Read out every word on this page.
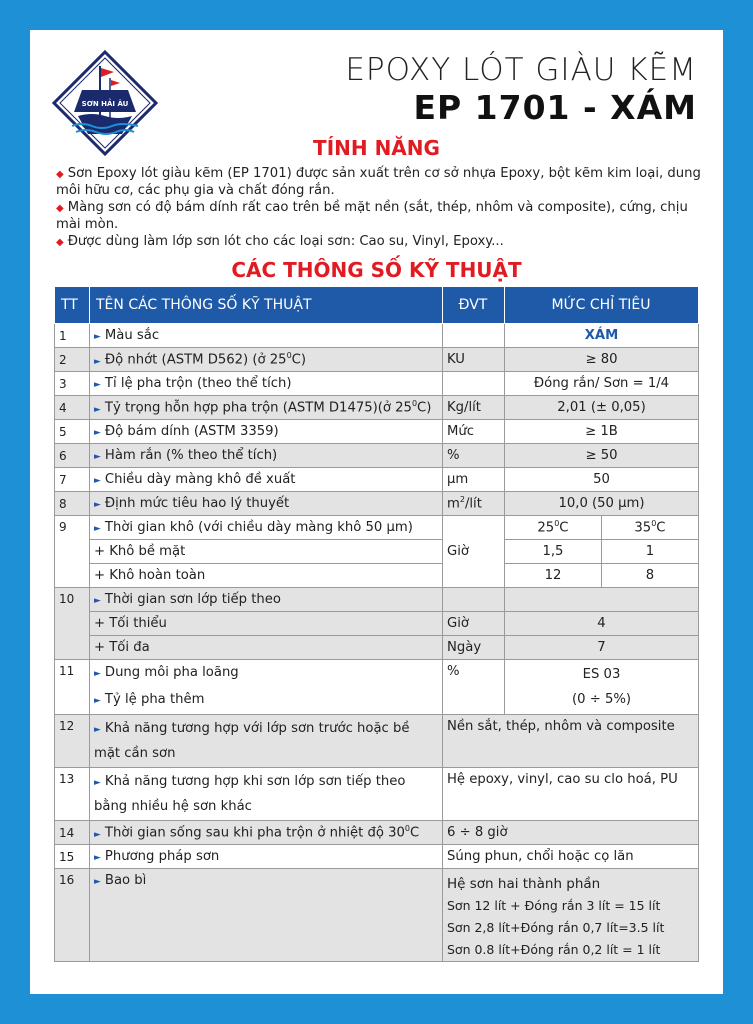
SƠN HẢI ÂU
EPOXY LÓT GIÀU KẼM
EP 1701 - XÁM
TÍNH NĂNG

◆ Sơn Epoxy lót giàu kẽm (EP 1701) được sản xuất trên cơ sở nhựa Epoxy, bột kẽm kim loại, dung môi hữu cơ, các phụ gia và chất đóng rắn.

◆ Màng sơn có độ bám dính rất cao trên bề mặt nền (sắt, thép, nhôm và composite), cứng, chịu mài mòn.

◆ Được dùng làm lớp sơn lót cho các loại sơn: Cao su, Vinyl, Epoxy...

CÁC THÔNG SỐ KỸ THUẬT
TT	TÊN CÁC THÔNG SỐ KỸ THUẬT	ĐVT	MỨC CHỈ TIÊU	
1	► Màu sắc		XÁM	
2	► Độ nhớt (ASTM D562) (ở $25^0C$)	KU	≥ 80	
3	► Tỉ lệ pha trộn (theo thể tích)		Đóng rắn/ Sơn = 1/4	
4	► Tỷ trọng hỗn hợp pha trộn (ASTM D1475)(ở $25^0C$)	Kg/lít	2,01 (± 0,05)	
5	► Độ bám dính (ASTM 3359)	Mức	≥ 1B	
6	► Hàm rắn (% theo thể tích)	%	≥ 50	
7	► Chiều dày màng khô đề xuất	µm	50	
8	► Định mức tiêu hao lý thuyết	$m^2$/lít	10,0 (50 µm)	
9	► Thời gian khô (với chiều dày màng khô 50 µm)	Giờ	$25^0C$	$35^0C$
	+ Khô bề mặt		1,5	1
	+ Khô hoàn toàn		12	8
10	► Thời gian sơn lớp tiếp theo			
	+ Tối thiểu	Giờ	4	
	+ Tối đa	Ngày	7	
11	► Dung môi pha loãng
► Tỷ lệ pha thêm	%	ES 03
(0 ÷ 5%)	
12	► Khả năng tương hợp với lớp sơn trước hoặc bề mặt cần sơn	Nền sắt, thép, nhôm và composite		
13	► Khả năng tương hợp khi sơn lớp sơn tiếp theo bằng nhiều hệ sơn khác	Hệ epoxy, vinyl, cao su clo hoá, PU		
14	► Thời gian sống sau khi pha trộn ở nhiệt độ $30^0C$	6 ÷ 8 giờ		
15	► Phương pháp sơn	Súng phun, chổi hoặc cọ lăn		
16	► Bao bì	Hệ sơn hai thành phần
Sơn 12 lít + Đóng rắn 3 lít = 15 lít
Sơn 2,8 lít+Đóng rắn 0,7 lít=3.5 lít
Sơn 0.8 lít+Đóng rắn 0,2 lít = 1 lít		
